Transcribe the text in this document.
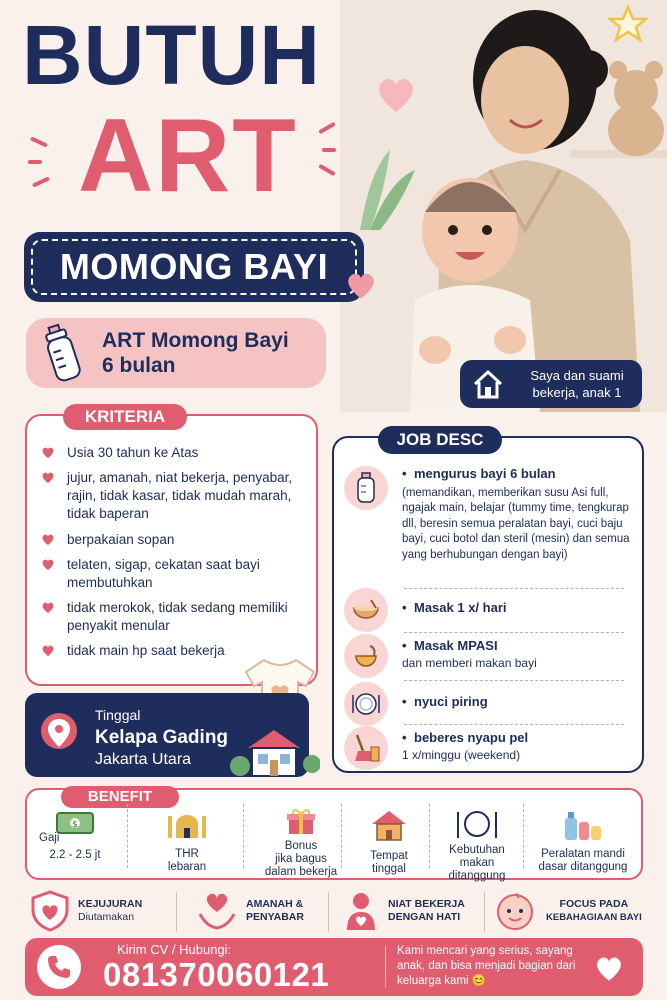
BUTUH
ART
MOMONG BAYI
ART Momong Bayi
6 bulan	Saya dan suami
bekerja, anak 1
KRITERIA
Usia 30 tahun ke Atas
jujur, amanah, niat bekerja, penyabar, rajin, tidak kasar, tidak mudah marah, tidak baperan
berpakaian sopan
telaten, sigap, cekatan saat bayi membutuhkan
tidak merokok, tidak sedang memiliki penyakit menular
tidak main hp saat bekerja
Tinggal
Kelapa Gading
Jakarta Utara
JOB DESC
• mengurus bayi 6 bulan
(memandikan, memberikan susu Asi full, ngajak main, belajar (tummy time, tengkurap dll, beresin semua peralatan bayi, cuci baju bayi, cuci botol dan steril (mesin) dan semua yang berhubungan dengan bayi)
• Masak 1 x/ hari
• Masak MPASI
dan memberi makan bayi
• nyuci piring
• beberes nyapu pel
1 x/minggu (weekend)
BENEFIT
$
Gaji
2.2 - 2.5 jt	THR
lebaran
Bonus
jika bagus
dalam bekerja
Tempat
tinggal
Kebutuhan
makan
ditanggung
Peralatan mandi
dasar ditanggung
KEJUJURAN
Diutamakan
AMANAH &
PENYABAR
NIAT BEKERJA
DENGAN HATI
FOCUS PADA
KEBAHAGIAAN BAYI
Kirim CV / Hubungi:
081370060121
Kami mencari yang serius, sayang anak, dan bisa menjadi bagian dari keluarga kami 😊
